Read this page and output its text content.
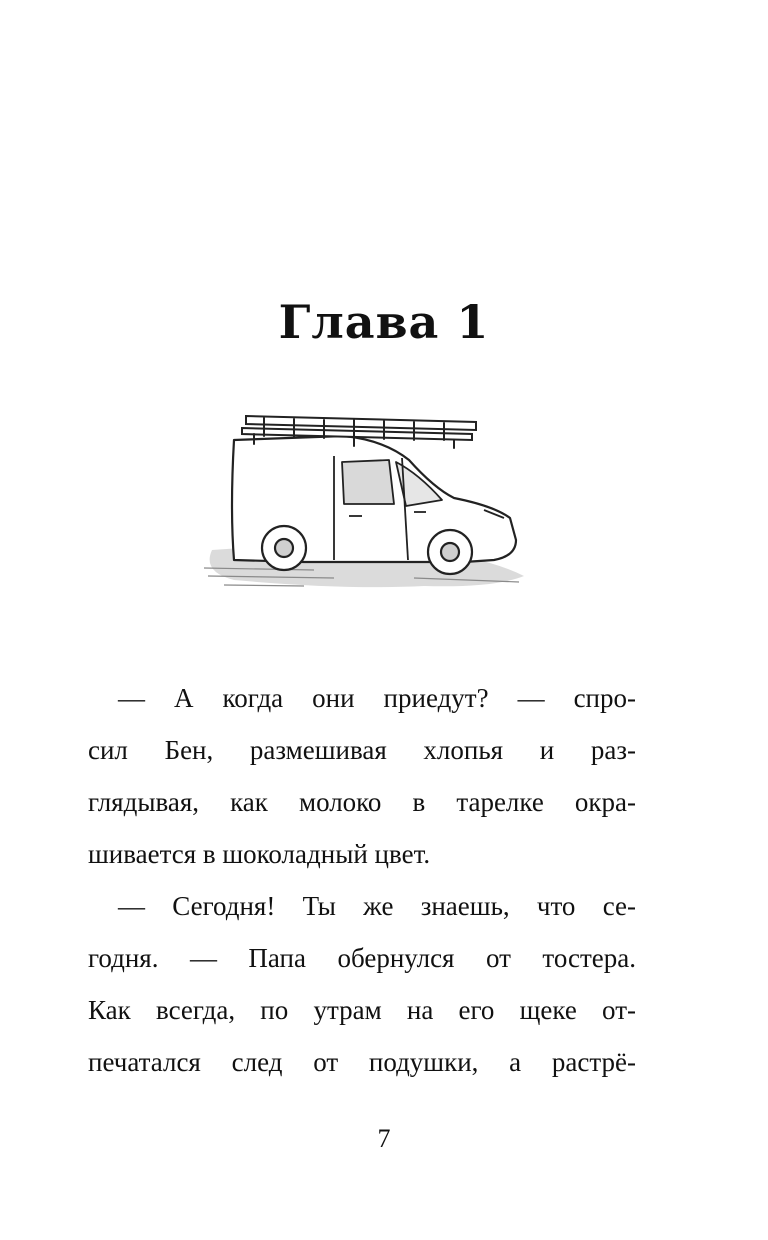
Глава 1
— А когда они приедут? — спро-
сил Бен, размешивая хлопья и раз-
глядывая, как молоко в тарелке окра-
шивается в шоколадный цвет.
— Сегодня! Ты же знаешь, что се-
годня. — Папа обернулся от тостера.
Как всегда, по утрам на его щеке от-
печатался след от подушки, а растрё-
7
